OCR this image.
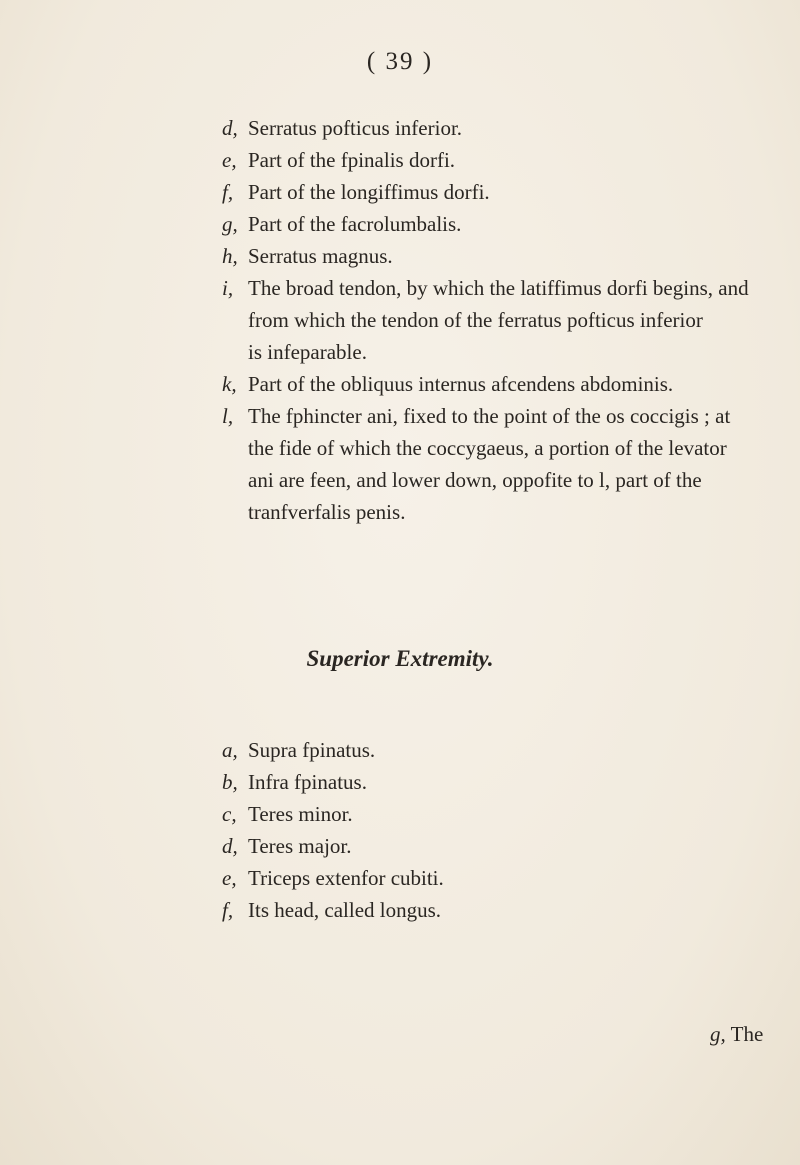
( 39 )
d, Serratus pofticus inferior.
e, Part of the fpinalis dorfi.
f, Part of the longiffimus dorfi.
g, Part of the facrolumbalis.
h, Serratus magnus.
i, The broad tendon, by which the latiffimus dorfi begins, and
from which the tendon of the ferratus pofticus inferior
is infeparable.
k, Part of the obliquus internus afcendens abdominis.
l, The fphincter ani, fixed to the point of the os coccigis ; at
the fide of which the coccygaeus, a portion of the levator
ani are feen, and lower down, oppofite to l, part of the
tranfverfalis penis.
Superior Extremity.
a, Supra fpinatus.
b, Infra fpinatus.
c, Teres minor.
d, Teres major.
e, Triceps extenfor cubiti.
f, Its head, called longus.
g, The
